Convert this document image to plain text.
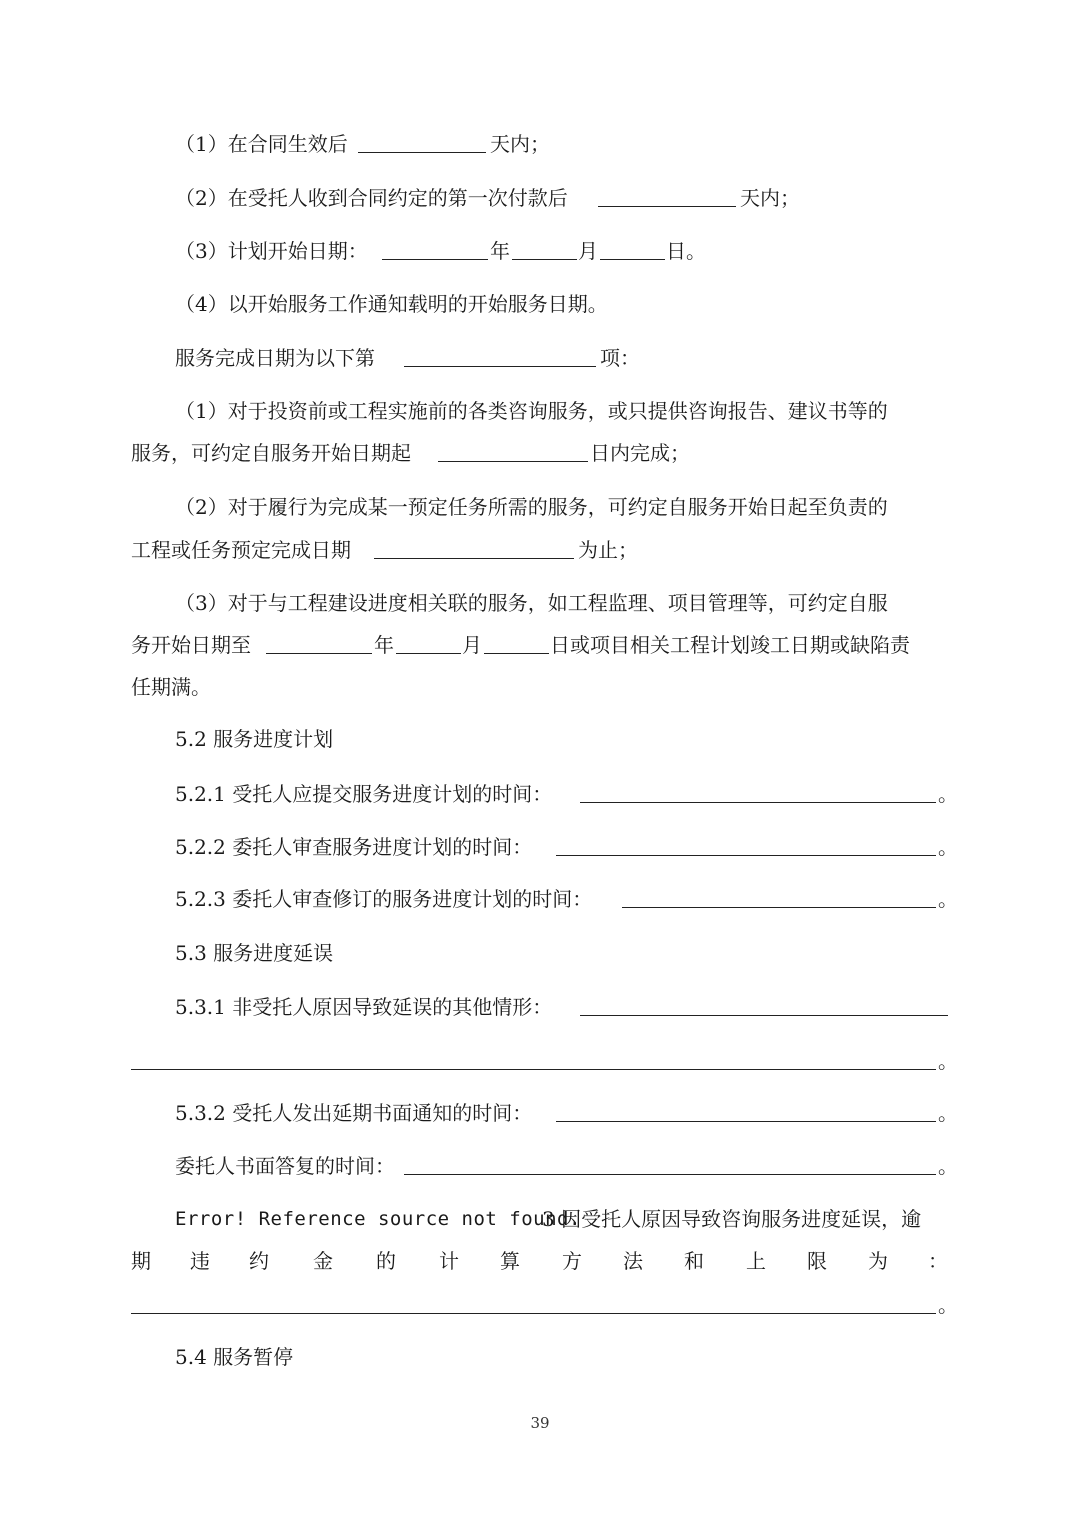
（1）在合同生效后	天内；
（2）在受托人收到合同约定的第一次付款后	天内；
（3）计划开始日期：	年	月	日。
（4）以开始服务工作通知载明的开始服务日期。
服务完成日期为以下第	项：
（1）对于投资前或工程实施前的各类咨询服务，或只提供咨询报告、建议书等的
服务，可约定自服务开始日期起	日内完成；
（2）对于履行为完成某一预定任务所需的服务，可约定自服务开始日起至负责的
工程或任务预定完成日期	为止；
（3）对于与工程建设进度相关联的服务，如工程监理、项目管理等，可约定自服
务开始日期至	年	月	日或项目相关工程计划竣工日期或缺陷责
任期满。
5.2 服务进度计划
5.2.1 受托人应提交服务进度计划的时间：	。
5.2.2 委托人审查服务进度计划的时间：	。
5.2.3 委托人审查修订的服务进度计划的时间：	。
5.3 服务进度延误
5.3.1 非受托人原因导致延误的其他情形：
。
5.3.2 受托人发出延期书面通知的时间：	。
委托人书面答复的时间：	。
Error! Reference source not found.
3 因受托人原因导致咨询服务进度延误，逾
期 违 约 金 的 计 算 方 法 和 上 限 为 ：
。
5.4 服务暂停
39
